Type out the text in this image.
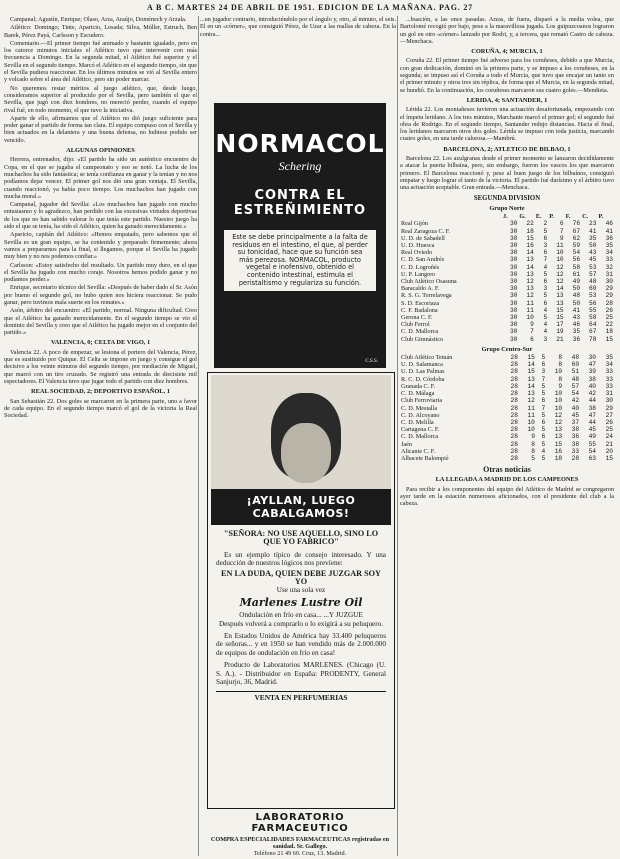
A B C. MARTES 24 DE ABRIL DE 1951. EDICION DE LA MAÑANA. PAG. 27

Campanal; Agustín, Enrique; Olaso, Arza, Araújo, Doménech y Arzala.

Atlético: Domingo; Tinte, Aparicio, Losada; Silva, Múller, Estruch, Ben Barek, Pérez Payá, Carlsson y Escudero.

Comentario.—El primer tiempo fué animado y bastante igualado, pero en los catorce minutos iniciales el Atlético tuvo que intervenir con más frecuencia a Domingo. En la segunda mitad, el Atlético fué superior y el Sevilla en el segundo tiempo. Marcó el Atlético en el segundo tiempo, sin que el Sevilla pudiera reaccionar. En los últimos minutos se vió al Sevilla entero y volcado sobre el área del Atlético, pero sin poder marcar.

No queremos restar méritos al juego atlético, que, desde luego, consideramos superior al producido por el Sevilla, pero también el que el Sevilla, que jugó con diez hombres, no mereció perder, cuando el equipo rival fué, en todo momento, el que tuvo la iniciativa.

Aparte de ello, afirmamos que el Atlético no dió juego suficiente para poder ganar el partido de forma tan clara. El equipo compuso con el Sevilla y bien actuados en la delantera y una buena defensa, no hubiese podido ser vencido.

ALGUNAS OPINIONES

Herrera, entrenador, dijo: «El partido ha sido un auténtico encuentro de Copa, en el que se jugaba el campeonato y eso se notó. La lucha de los muchachos ha sido fantástica; se tenía confianza en ganar y la tenían y no nos podíamos dejar vencer. El primer gol nos dió una gran ventaja. El Sevilla, cuando reaccionó, ya había poco tiempo. Los muchachos han jugado con mucha moral.»

Campanal, jugador del Sevilla: «Los muchachos han jugado con mucho entusiasmo y lo agradezco, han perdido con las excesivas virtudes deportivas de los que no han sabido valorar lo que tenía este partido. Nuestro juego ha sido el que se tenía, ha sido el Atlético, quien ha ganado merecidamente.»

Aparicio, capitán del Atlético: «Hemos empatado, pero sabemos que el Sevilla es un gran equipo, se ha contenido y preparado firmemente; ahora vamos a prepararnos para la final, si llegamos, porque el Sevilla ha jugado muy bien y no nos podemos confiar.»

Carlsson: «Estoy satisfecho del resultado. Un partido muy duro, en el que el Sevilla ha jugado con mucho coraje. Nosotros hemos podido ganar y no podíamos perder.»

Enrique, secretario técnico del Sevilla: «Después de haber dado el Sr. Asón por bueno el segundo gol, no hubo quien nos hiciera reaccionar. Se pudo ganar, pero tuvimos mala suerte en los remates.»

Asón, árbitro del encuentro: «El partido, normal. Ninguna dificultad. Creo que el Atlético ha ganado merecidamente. En el segundo tiempo se vio el dominio del Sevilla y creo que el Atlético ha jugado mejor en el conjunto del partido.»

VALENCIA, 0; CELTA DE VIGO, 1

Valencia 22. A poco de empezar, se lesiona el portero del Valencia, Pérez, que es sustituido por Quique. El Celta se impone en juego y consigue el gol decisivo a los veinte minutos del segundo tiempo, por mediación de Miguel, que marcó con un tiro cruzado. Se registró una entrada de diecisiete mil espectadores. El Valencia tuvo que jugar todo el partido con diez hombres.

REAL SOCIEDAD, 2; DEPORTIVO ESPAÑOL, 1

San Sebastián 22. Dos goles se marcaron en la primera parte, uno a favor de cada equipo. En el segundo tiempo marcó el gol de la victoria la Real Sociedad.

...un jugador contrario, introduciéndolo por el ángulo y, otro, al minuto, el seis. El en un «córner», que consiguió Pérez, de Uzar a las mallas de cabeza. En la contra...
NORMACOL
Schering
CONTRA EL
ESTREÑIMIENTO
Este se debe principalmente a la falta de residuos en el intestino, el que, al perder su tonicidad, hace que su función sea más perezosa. NORMACOL, producto vegetal e inofensivo, obtenido el contenido intestinal, estimula el peristaltismo y regulariza su función.
C.S.S.
¡AYLLAN, LUEGO CABALGAMOS!
"SEÑORA: NO USE AQUELLO, SINO LO QUE YO FABRICO"
Es un ejemplo típico de consejo interesado. Y una deducción de nuestros lógicos nos prevíene:
EN LA DUDA, QUIEN DEBE JUZGAR SOY YO
Use una sola vez
Marlenes Lustre Oil
Ondulación en frío en casa... ...Y JUZGUE
Después volverá a comprarlo o lo exigirá a su peluquero.
En Estados Unidos de América hay 33.400 peluqueros de señoras... y en 1950 se han vendido más de 2.000.000 de equipos de ondulación en frío en casa!
Producto de Laboratorios MARLENES. (Chicago (U. S. A.). - Distribuidor en España: PRODENTY, General Sanjurjo, 36, Madrid.
VENTA EN PERFUMERIAS
LABORATORIO FARMACEUTICO
COMPRA ESPECIALIDADES FARMACEUTICAS registradas en sanidad. Sr. Gallego.
Teléfono 21 49 60. Cruz, 13. Madrid.

...buación, a las once pasadas. Arzas, de fuera, disparó a la media volea, que Bartolomé recogió por bajo, pese a la maravillosa jugada. Los guipuzcoanos lograron un gol en otro «córner» lanzado por Rodri, y, a tercera, que remató Castro de cabeza.—Menchaca.

CORUÑA, 4; MURCIA, 1

Coruña 22. El primer tiempo fué adverso para los coruñeses, debido a que Murcia, con gran dedicación, dominó en la primera parte, y se impuso a los coruñeses, en la segunda; se impuso así el Coruña a todo el Murcia, que tuvo que encajar un tanto en el primer minuto y otros tres sin réplica, de forma que el Murcia, en la segunda mitad, se hundió. En la continuación, los coruñeses marcaron sus cuatro goles.—Mendieta.

LERIDA, 4; SANTANDER, 1

Lérida 22. Los montañeses tuvieron una actuación desafortunada, empezando con el ímpetu leridano. A los tres minutos, Marchante marcó el primer gol; el segundo fué obra de Rodrigo. En el segundo tiempo, Santander redujo distancias. Hacia el final, los leridanos marcaron otros dos goles. Lérida se impuso con toda justicia, marcando cuatro goles, en una tarde calurosa.—Mambrú.

BARCELONA, 2; ATLETICO DE BILBAO, 1

Barcelona 22. Los azulgranas desde el primer momento se lanzaron decididamente a atacar la puerta bilbaína, pero, sin embargo, fueron los vascos los que marcaron primero. El Barcelona reaccionó y, pese al buen juego de los bilbaínos, consiguió empatar y luego lograr el tanto de la victoria. El partido fué durísimo y el árbitro tuvo una actuación aceptable. Gran entrada.—Menchaca.

SEGUNDA DIVISION
Grupo Norte
	J.	G.	E.	P.	F.	C.	P.
Real Gijón	30	22	2	6	76	23	46
Real Zaragoza C. F.	30	18	5	7	67	41	41
U. D. de Sabadell	30	15	6	9	62	35	36
U. D. Huesca	30	16	3	11	59	50	35
Real Oviedo	30	14	6	10	54	43	34
C. D. San Andrés	30	13	7	10	56	45	33
C. D. Logroñés	30	14	4	12	58	53	32
U. P. Langreo	30	13	5	12	61	57	31
Club Atlético Osasuna	30	12	6	12	49	48	30
Baracaldo A. F.	30	13	3	14	50	60	29
R. S. G. Torrelavega	30	12	5	13	48	53	29
S. D. Escoriaza	30	11	6	13	50	56	28
C. F. Badalona	30	11	4	15	41	55	26
Gerona C. F.	30	10	5	15	43	58	25
Club Ferrol	30	9	4	17	46	64	22
C. D. Mallorca	30	7	4	19	35	67	18
Club Gimnástico	30	6	3	21	36	78	15
Grupo Centro-Sur
Club Atlético Tetuán	28	15	5	8	48	30	35
U. D. Salamanca	28	14	6	8	60	47	34
U. D. Las Palmas	28	15	3	10	51	39	33
R. C. D. Córdoba	28	13	7	8	48	38	33
Granada C. F.	28	14	5	9	57	40	33
C. D. Málaga	28	13	5	10	54	42	31
Club Ferroviaria	28	12	6	10	42	44	30
C. D. Mestalla	28	11	7	10	40	38	29
C. D. Alcoyano	28	11	5	12	45	47	27
C. D. Melilla	28	10	6	12	37	44	26
Cartagena C. F.	28	10	5	13	38	45	25
C. D. Mallorca	28	9	6	13	36	49	24
Jaén	28	8	5	15	38	55	21
Alicante C. F.	28	8	4	16	33	54	20
Albacete Balompié	28	5	5	18	28	63	15
Otras noticias
LA LLEGADA A MADRID DE LOS CAMPEONES

Para recibir a los componentes del equipo del Atlético de Madrid se congregaron ayer tarde en la estación numerosos aficionados, con el presidente del club a la cabeza.
